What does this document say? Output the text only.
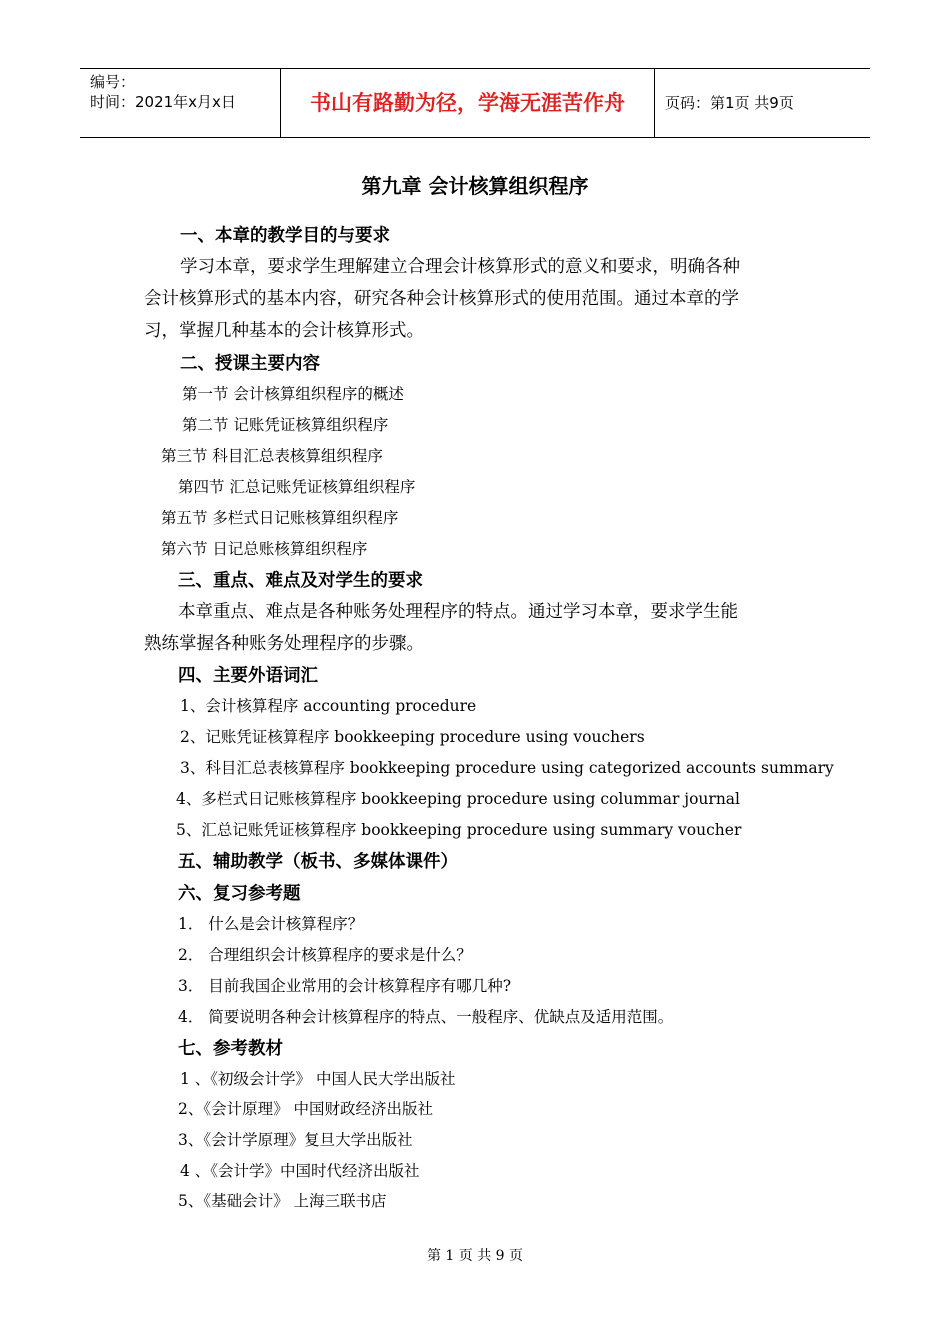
编号：
时间：2021年x月x日	书山有路勤为径，学海无涯苦作舟	页码：第1页 共9页
第九章 会计核算组织程序
一、本章的教学目的与要求
学习本章，要求学生理解建立合理会计核算形式的意义和要求，明确各种
会计核算形式的基本内容，研究各种会计核算形式的使用范围。通过本章的学
习，掌握几种基本的会计核算形式。
二、授课主要内容
第一节 会计核算组织程序的概述
第二节 记账凭证核算组织程序
第三节 科目汇总表核算组织程序
第四节 汇总记账凭证核算组织程序
第五节 多栏式日记账核算组织程序
第六节 日记总账核算组织程序
三、重点、难点及对学生的要求
本章重点、难点是各种账务处理程序的特点。通过学习本章，要求学生能
熟练掌握各种账务处理程序的步骤。
四、主要外语词汇
1、会计核算程序 accounting procedure
2、记账凭证核算程序 bookkeeping procedure using vouchers
3、科目汇总表核算程序 bookkeeping procedure using categorized accounts summary
4、多栏式日记账核算程序 bookkeeping procedure using colummar journal
5、汇总记账凭证核算程序 bookkeeping procedure using summary voucher
五、辅助教学（板书、多媒体课件）
六、复习参考题
1． 什么是会计核算程序？
2． 合理组织会计核算程序的要求是什么？
3． 目前我国企业常用的会计核算程序有哪几种?
4． 简要说明各种会计核算程序的特点、一般程序、优缺点及适用范围。
七、参考教材
1 、《初级会计学》 中国人民大学出版社
2、《会计原理》 中国财政经济出版社
3、《会计学原理》复旦大学出版社
4 、《会计学》中国时代经济出版社
5、《基础会计》 上海三联书店
第 1 页 共 9 页
